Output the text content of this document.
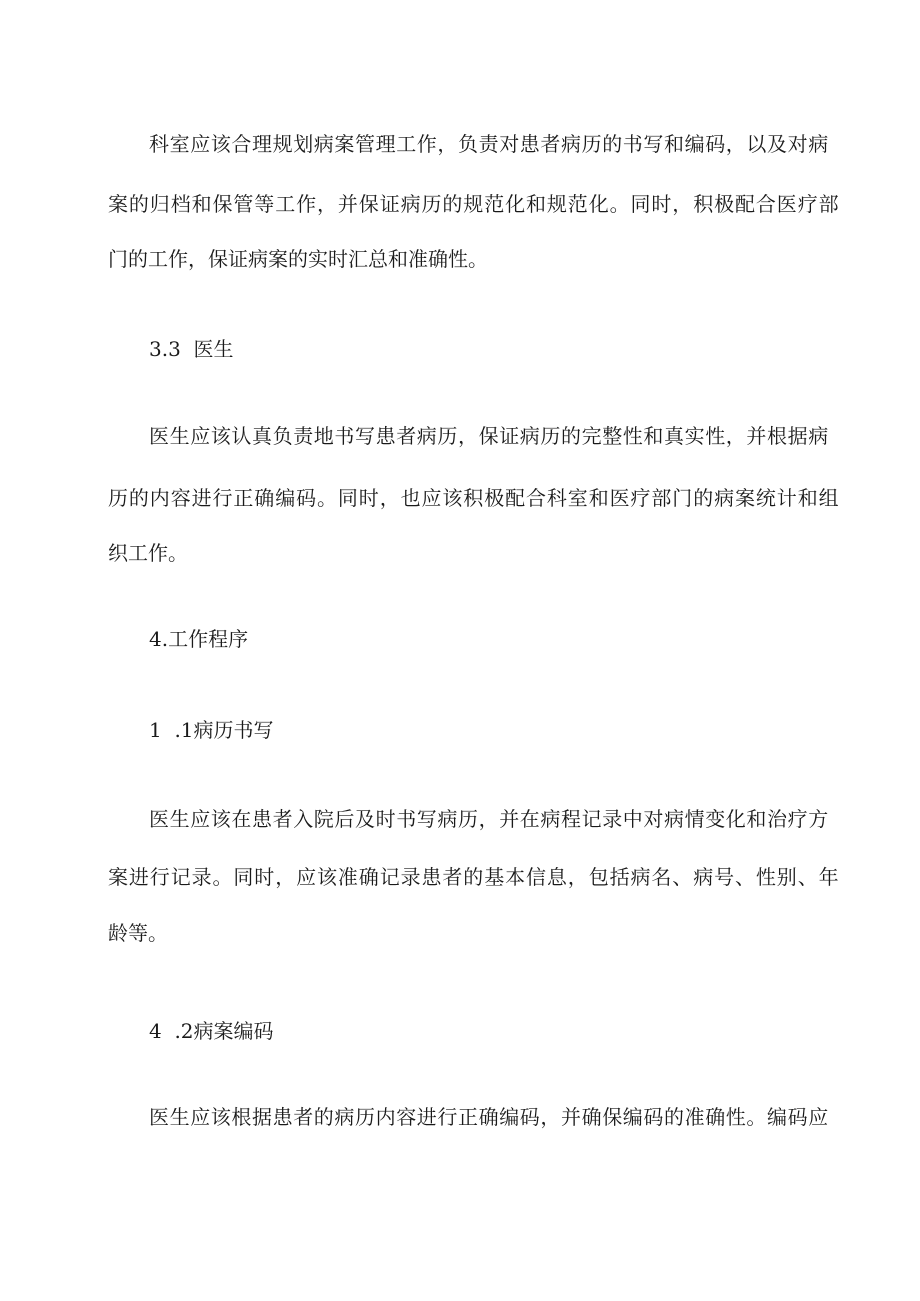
科室应该合理规划病案管理工作，负责对患者病历的书写和编码，以及对病
案的归档和保管等工作，并保证病历的规范化和规范化。同时，积极配合医疗部
门的工作，保证病案的实时汇总和准确性。
3.3  医生
医生应该认真负责地书写患者病历，保证病历的完整性和真实性，并根据病
历的内容进行正确编码。同时，也应该积极配合科室和医疗部门的病案统计和组
织工作。
4.工作程序
1  .1病历书写
医生应该在患者入院后及时书写病历，并在病程记录中对病情变化和治疗方
案进行记录。同时，应该准确记录患者的基本信息，包括病名、病号、性别、年
龄等。
4  .2病案编码
医生应该根据患者的病历内容进行正确编码，并确保编码的准确性。编码应
